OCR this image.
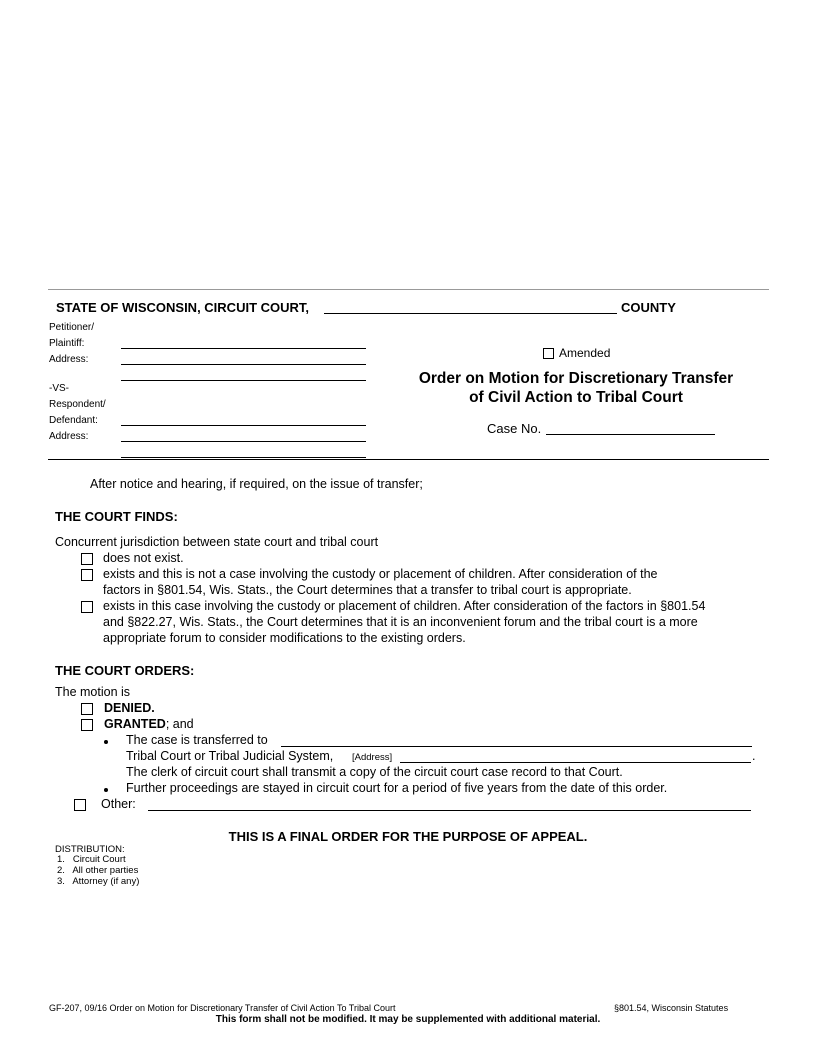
STATE OF WISCONSIN, CIRCUIT COURT,	COUNTY
Petitioner/
Plaintiff:
Address:
-VS-
Respondent/
Defendant:
Address:
Amended
Order on Motion for Discretionary Transfer
of Civil Action to Tribal Court
Case No.
After notice and hearing, if required, on the issue of transfer;
THE COURT FINDS:
Concurrent jurisdiction between state court and tribal court
does not exist.
exists and this is not a case involving the custody or placement of children. After consideration of the
factors in §801.54, Wis. Stats., the Court determines that a transfer to tribal court is appropriate.
exists in this case involving the custody or placement of children. After consideration of the factors in §801.54
and §822.27, Wis. Stats., the Court determines that it is an inconvenient forum and the tribal court is a more
appropriate forum to consider modifications to the existing orders.
THE COURT ORDERS:
The motion is
DENIED.
GRANTED; and
The case is transferred to
Tribal Court or Tribal Judicial System, [Address]	.
The clerk of circuit court shall transmit a copy of the circuit court case record to that Court.
Further proceedings are stayed in circuit court for a period of five years from the date of this order.
Other:
THIS IS A FINAL ORDER FOR THE PURPOSE OF APPEAL.
DISTRIBUTION:
1.   Circuit Court
2.   All other parties
3.   Attorney (if any)
GF-207, 09/16 Order on Motion for Discretionary Transfer of Civil Action To Tribal Court	§801.54, Wisconsin Statutes
This form shall not be modified. It may be supplemented with additional material.
